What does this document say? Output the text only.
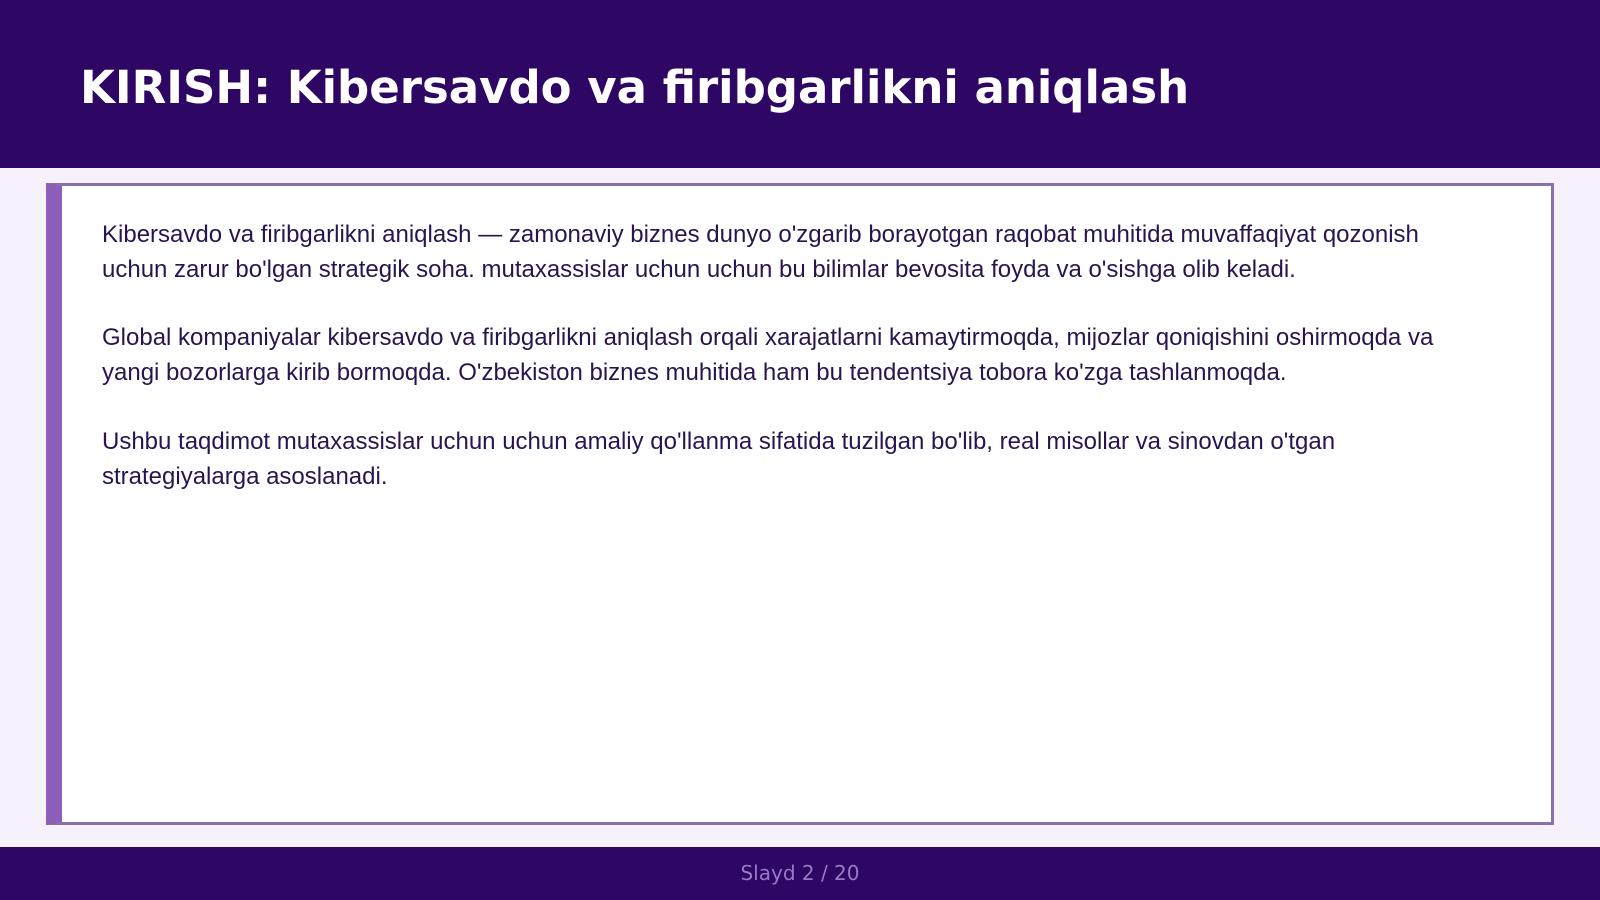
KIRISH: Kibersavdo va firibgarlikni aniqlash

Kibersavdo va firibgarlikni aniqlash — zamonaviy biznes dunyo o'zgarib borayotgan raqobat muhitida muvaffaqiyat qozonish uchun zarur bo'lgan strategik soha. mutaxassislar uchun uchun bu bilimlar bevosita foyda va o'sishga olib keladi.

Global kompaniyalar kibersavdo va firibgarlikni aniqlash orqali xarajatlarni kamaytirmoqda, mijozlar qoniqishini oshirmoqda va yangi bozorlarga kirib bormoqda. O'zbekiston biznes muhitida ham bu tendentsiya tobora ko'zga tashlanmoqda.

Ushbu taqdimot mutaxassislar uchun uchun amaliy qo'llanma sifatida tuzilgan bo'lib, real misollar va sinovdan o'tgan strategiyalarga asoslanadi.

Slayd 2 / 20
